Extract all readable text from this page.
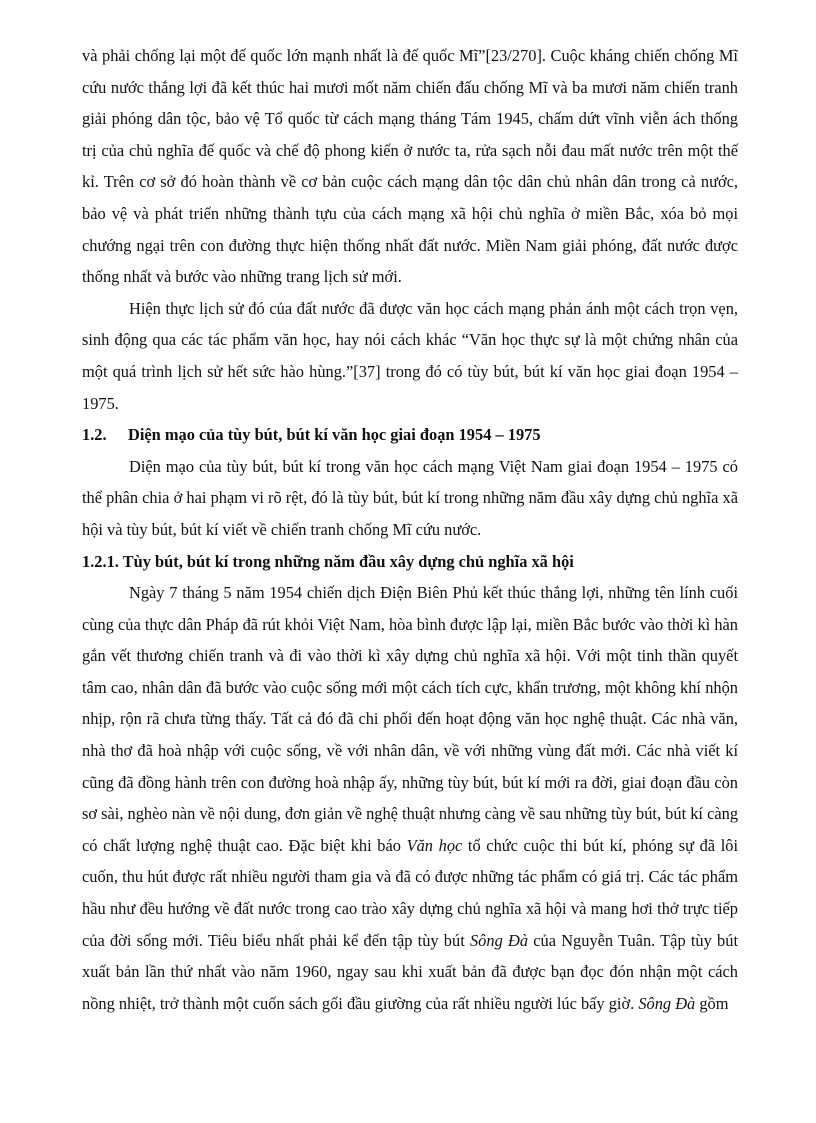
và phải chống lại một đế quốc lớn mạnh nhất là đế quốc Mĩ”[23/270]. Cuộc kháng chiến chống Mĩ cứu nước thắng lợi đã kết thúc hai mươi mốt năm chiến đấu chống Mĩ và ba mươi năm chiến tranh giải phóng dân tộc, bảo vệ Tổ quốc từ cách mạng tháng Tám 1945, chấm dứt vĩnh viễn ách thống trị của chủ nghĩa đế quốc và chế độ phong kiến ở nước ta, rửa sạch nỗi đau mất nước trên một thế kỉ. Trên cơ sở đó hoàn thành về cơ bản cuộc cách mạng dân tộc dân chủ nhân dân trong cả nước, bảo vệ và phát triển những thành tựu của cách mạng xã hội chủ nghĩa ở miền Bắc, xóa bỏ mọi chướng ngại trên con đường thực hiện thống nhất đất nước. Miền Nam giải phóng, đất nước được thống nhất và bước vào những trang lịch sử mới.

Hiện thực lịch sử đó của đất nước đã được văn học cách mạng phản ánh một cách trọn vẹn, sinh động qua các tác phẩm văn học, hay nói cách khác “Văn học thực sự là một chứng nhân của một quá trình lịch sử hết sức hào hùng.”[37] trong đó có tùy bút, bút kí văn học giai đoạn 1954 – 1975.

1.2. Diện mạo của tùy bút, bút kí văn học giai đoạn 1954 – 1975

Diện mạo của tùy bút, bút kí trong văn học cách mạng Việt Nam giai đoạn 1954 – 1975 có thể phân chia ở hai phạm vi rõ rệt, đó là tùy bút, bút kí trong những năm đầu xây dựng chủ nghĩa xã hội và tùy bút, bút kí viết về chiến tranh chống Mĩ cứu nước.

1.2.1. Tùy bút, bút kí trong những năm đầu xây dựng chủ nghĩa xã hội

Ngày 7 tháng 5 năm 1954 chiến dịch Điện Biên Phủ kết thúc thắng lợi, những tên lính cuối cùng của thực dân Pháp đã rút khỏi Việt Nam, hòa bình được lập lại, miền Bắc bước vào thời kì hàn gắn vết thương chiến tranh và đi vào thời kì xây dựng chủ nghĩa xã hội. Với một tinh thần quyết tâm cao, nhân dân đã bước vào cuộc sống mới một cách tích cực, khẩn trương, một không khí nhộn nhịp, rộn rã chưa từng thấy. Tất cả đó đã chi phối đến hoạt động văn học nghệ thuật. Các nhà văn, nhà thơ đã hoà nhập với cuộc sống, về với nhân dân, về với những vùng đất mới. Các nhà viết kí cũng đã đồng hành trên con đường hoà nhập ấy, những tùy bút, bút kí mới ra đời, giai đoạn đầu còn sơ sài, nghèo nàn về nội dung, đơn giản về nghệ thuật nhưng càng về sau những tùy bút, bút kí càng có chất lượng nghệ thuật cao. Đặc biệt khi báo Văn học tổ chức cuộc thi bút kí, phóng sự đã lôi cuốn, thu hút được rất nhiều người tham gia và đã có được những tác phẩm có giá trị. Các tác phẩm hầu như đều hướng về đất nước trong cao trào xây dựng chủ nghĩa xã hội và mang hơi thở trực tiếp của đời sống mới. Tiêu biểu nhất phải kể đến tập tùy bút Sông Đà của Nguyễn Tuân. Tập tùy bút xuất bản lần thứ nhất vào năm 1960, ngay sau khi xuất bản đã được bạn đọc đón nhận một cách nồng nhiệt, trở thành một cuốn sách gối đầu giường của rất nhiều người lúc bấy giờ. Sông Đà gồm
